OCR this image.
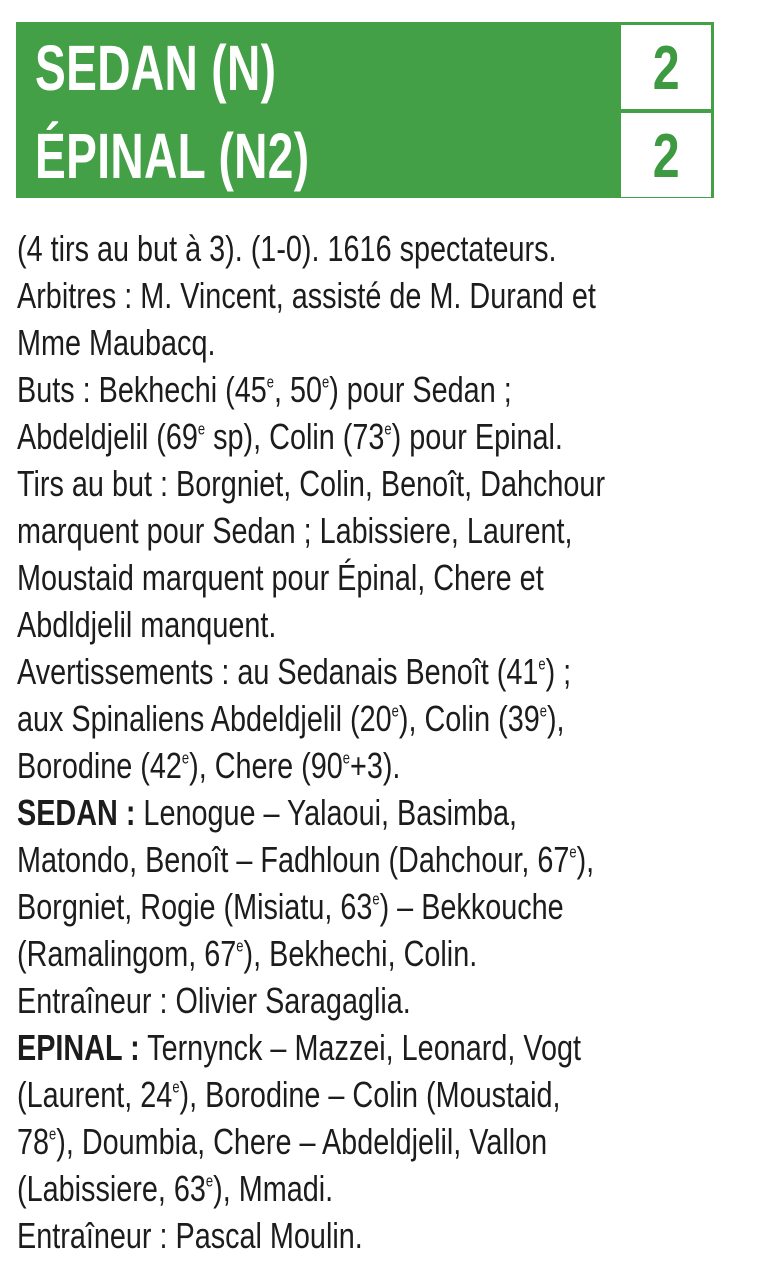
SEDAN (N)	2
ÉPINAL (N2)	2
(4 tirs au but à 3). (1-0). 1616 spectateurs.
Arbitres : M. Vincent, assisté de M. Durand et
Mme Maubacq.
Buts : Bekhechi (45e, 50e) pour Sedan ;
Abdeldjelil (69e sp), Colin (73e) pour Epinal.
Tirs au but : Borgniet, Colin, Benoît, Dahchour
marquent pour Sedan ; Labissiere, Laurent,
Moustaid marquent pour Épinal, Chere et
Abdldjelil manquent.
Avertissements : au Sedanais Benoît (41e) ;
aux Spinaliens Abdeldjelil (20e), Colin (39e),
Borodine (42e), Chere $(90^e+3)$.
SEDAN : Lenogue – Yalaoui, Basimba,
Matondo, Benoît – Fadhloun (Dahchour, 67e),
Borgniet, Rogie (Misiatu, 63e) – Bekkouche
(Ramalingom, 67e), Bekhechi, Colin.
Entraîneur : Olivier Saragaglia.
EPINAL : Ternynck – Mazzei, Leonard, Vogt
(Laurent, 24e), Borodine – Colin (Moustaid,
78e), Doumbia, Chere – Abdeldjelil, Vallon
(Labissiere, 63e), Mmadi.
Entraîneur : Pascal Moulin.
